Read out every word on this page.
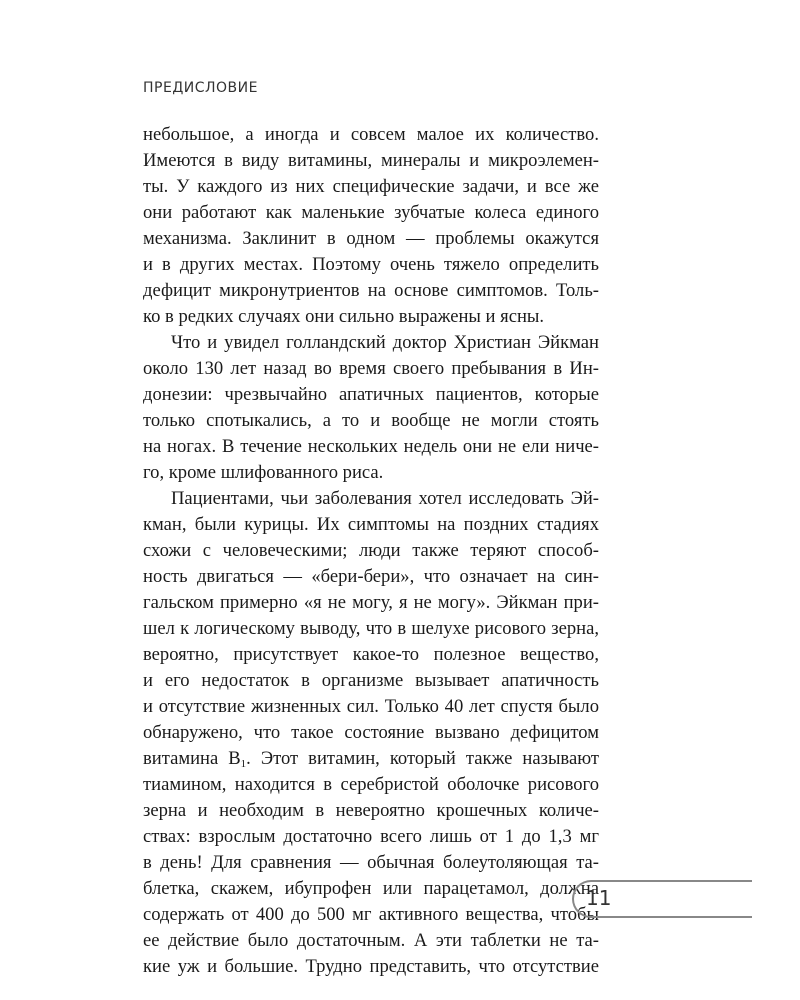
ПРЕДИСЛОВИЕ
небольшое, а иногда и совсем малое их количество.
Имеются в виду витамины, минералы и микроэлемен-
ты. У каждого из них специфические задачи, и все же
они работают как маленькие зубчатые колеса единого
механизма. Заклинит в одном — проблемы окажутся
и в других местах. Поэтому очень тяжело определить
дефицит микронутриентов на основе симптомов. Толь-
ко в редких случаях они сильно выражены и ясны.
Что и увидел голландский доктор Христиан Эйкман
около 130 лет назад во время своего пребывания в Ин-
донезии: чрезвычайно апатичных пациентов, которые
только спотыкались, а то и вообще не могли стоять
на ногах. В течение нескольких недель они не ели ниче-
го, кроме шлифованного риса.
Пациентами, чьи заболевания хотел исследовать Эй-
кман, были курицы. Их симптомы на поздних стадиях
схожи с человеческими; люди также теряют способ-
ность двигаться — «бери-бери», что означает на син-
гальском примерно «я не могу, я не могу». Эйкман при-
шел к логическому выводу, что в шелухе рисового зерна,
вероятно, присутствует какое-то полезное вещество,
и его недостаток в организме вызывает апатичность
и отсутствие жизненных сил. Только 40 лет спустя было
обнаружено, что такое состояние вызвано дефицитом
витамина $В_1$. Этот витамин, который также называют
тиамином, находится в серебристой оболочке рисового
зерна и необходим в невероятно крошечных количе-
ствах: взрослым достаточно всего лишь от 1 до 1,3 мг
в день! Для сравнения — обычная болеутоляющая та-
блетка, скажем, ибупрофен или парацетамол, должна
содержать от 400 до 500 мг активного вещества, чтобы
ее действие было достаточным. А эти таблетки не та-
кие уж и большие. Трудно представить, что отсутствие
11
